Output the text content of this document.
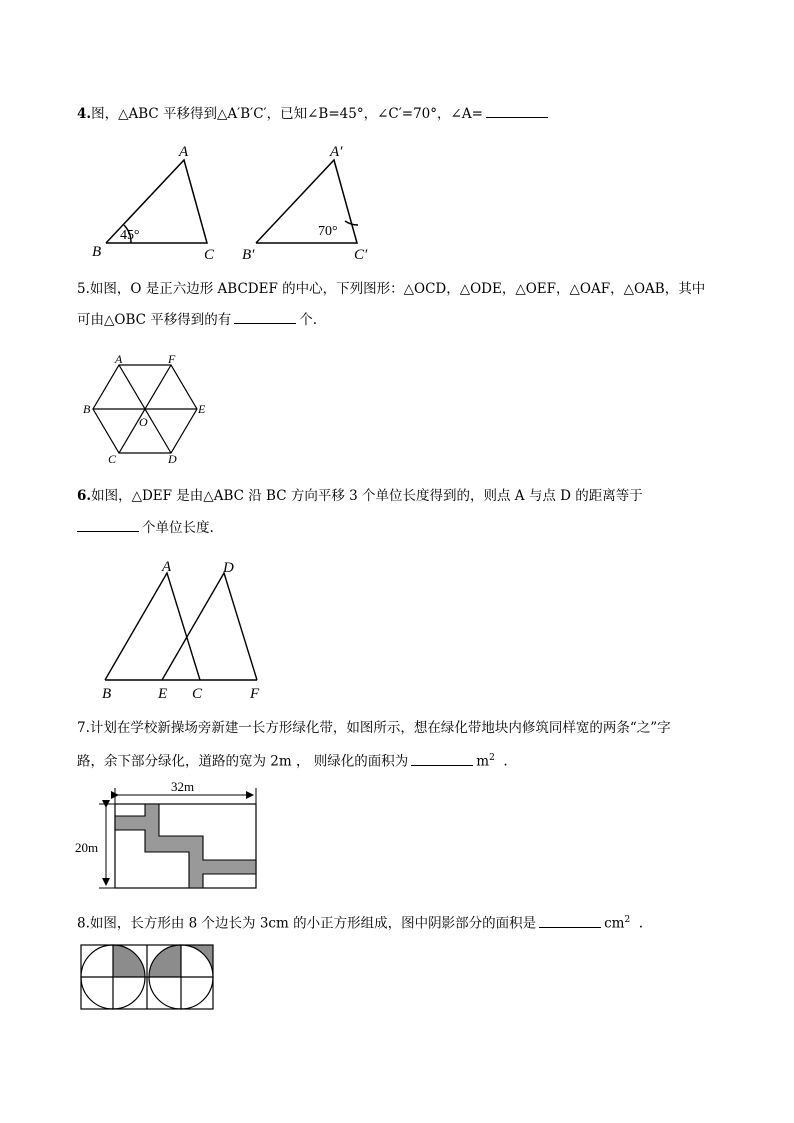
4.图，△ABC 平移得到△A′B′C′，已知∠B=45°，∠C′=70°，∠A=
A
B	C
45°
A′
B′	C′
70°
5.如图，O 是正六边形 ABCDEF 的中心，下列图形：△OCD，△ODE，△OEF，△OAF，△OAB，其中
可由△OBC 平移得到的有	个.
A	F
B	E
O
C	D
6.如图，△DEF 是由△ABC 沿 BC 方向平移 3 个单位长度得到的，则点 A 与点 D 的距离等于
个单位长度.
A	D
B	E C	F
7.计划在学校新操场旁新建一长方形绿化带，如图所示，想在绿化带地块内修筑同样宽的两条“之”字
路，余下部分绿化，道路的宽为 2m ， 则绿化的面积为	$m^2$ .
32m
20m
8.如图，长方形由 8 个边长为 3cm 的小正方形组成，图中阴影部分的面积是	$cm^2$ .
